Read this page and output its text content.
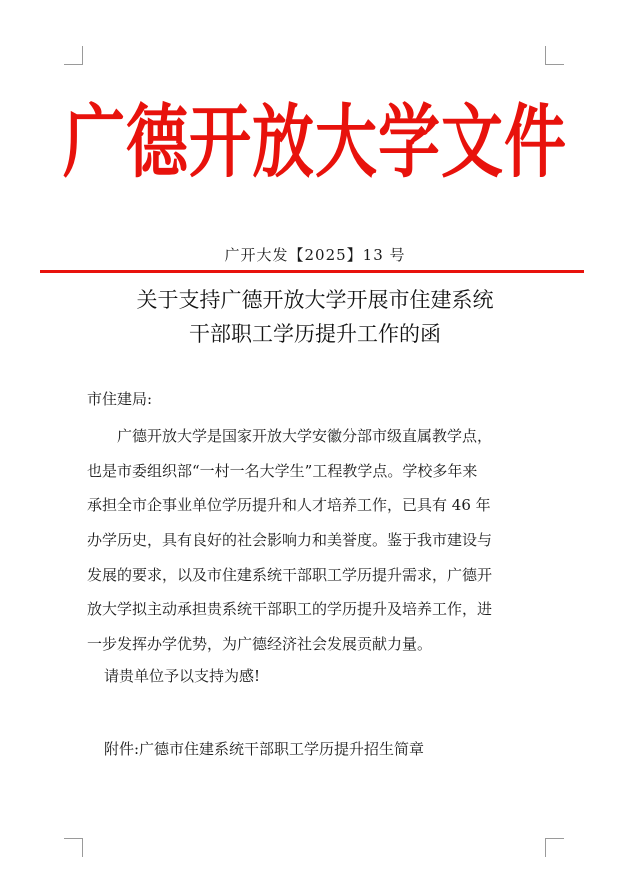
广德开放大学文件
广开大发【2025】13 号
关于支持广德开放大学开展市住建系统
干部职工学历提升工作的函
市住建局:
广德开放大学是国家开放大学安徽分部市级直属教学点，
也是市委组织部“一村一名大学生”工程教学点。学校多年来
承担全市企事业单位学历提升和人才培养工作，已具有 46 年
办学历史，具有良好的社会影响力和美誉度。鉴于我市建设与
发展的要求，以及市住建系统干部职工学历提升需求，广德开
放大学拟主动承担贵系统干部职工的学历提升及培养工作，进
一步发挥办学优势，为广德经济社会发展贡献力量。
请贵单位予以支持为感!
附件:广德市住建系统干部职工学历提升招生简章
